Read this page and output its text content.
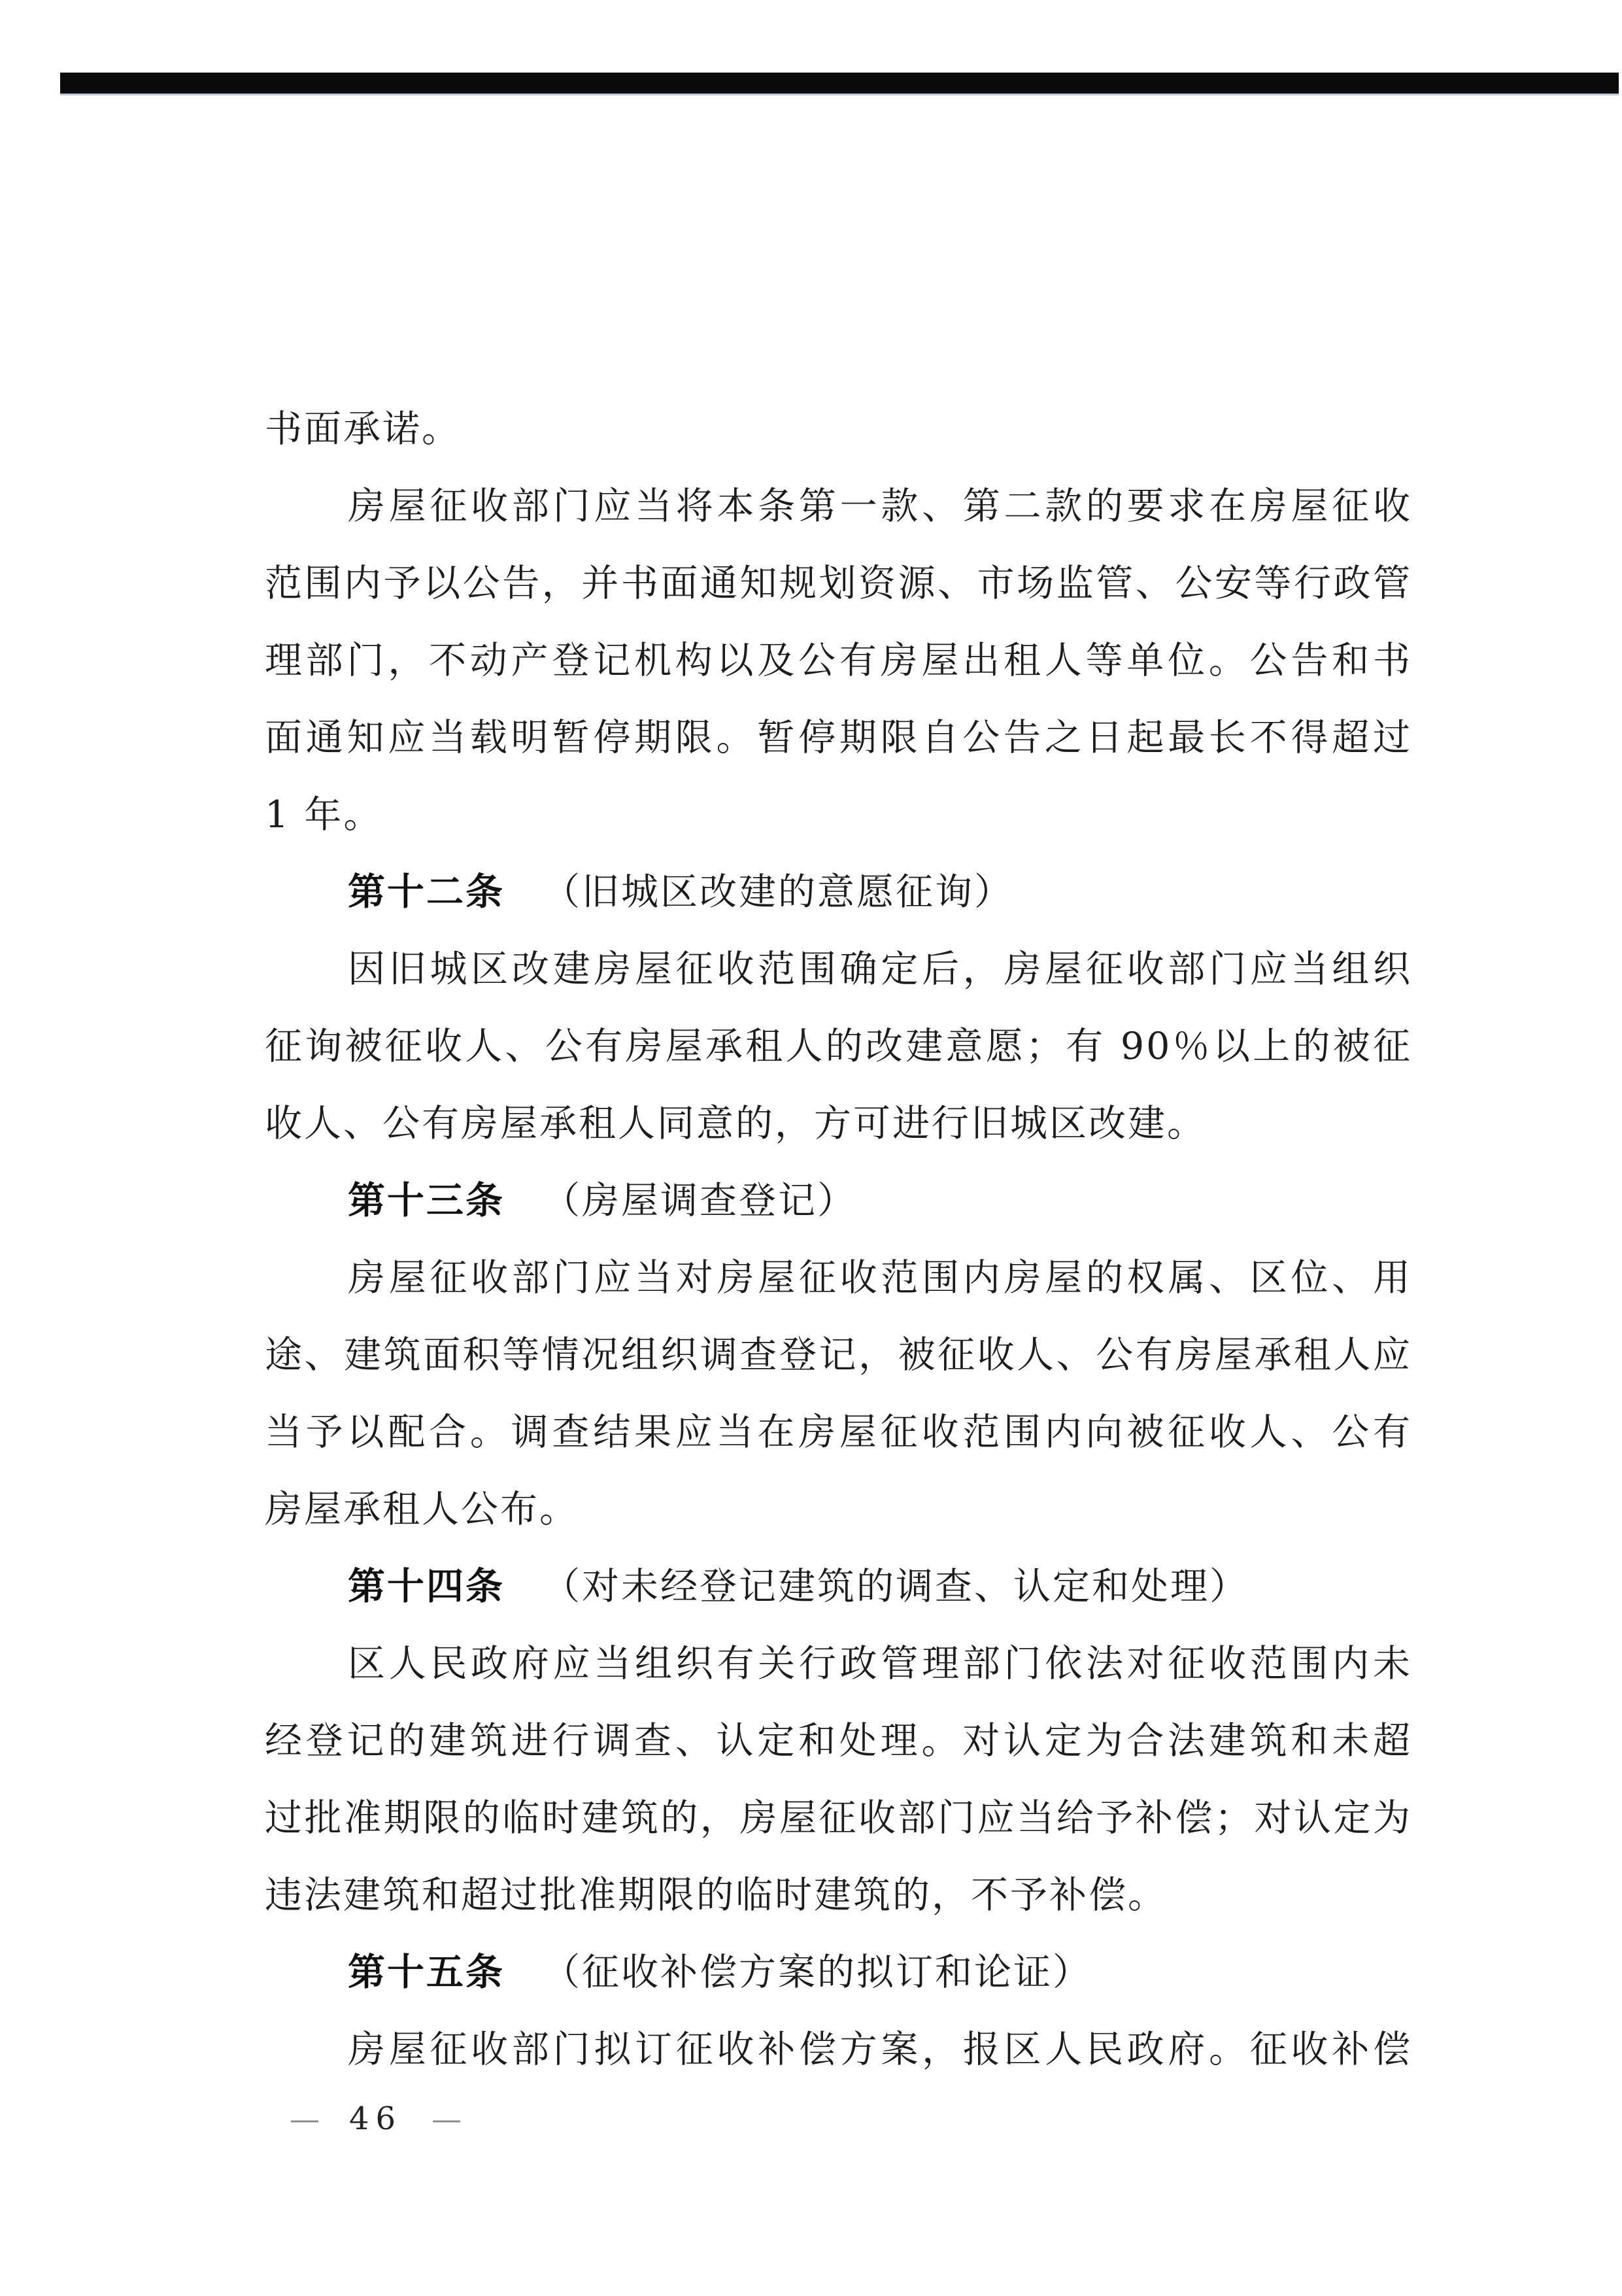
书面承诺。
房屋征收部门应当将本条第一款、第二款的要求在房屋征收
范围内予以公告，并书面通知规划资源、市场监管、公安等行政管
理部门，不动产登记机构以及公有房屋出租人等单位。公告和书
面通知应当载明暂停期限。暂停期限自公告之日起最长不得超过
1 年。
第十二条 （旧城区改建的意愿征询）
因旧城区改建房屋征收范围确定后，房屋征收部门应当组织
征询被征收人、公有房屋承租人的改建意愿；有 90％以上的被征
收人、公有房屋承租人同意的，方可进行旧城区改建。
第十三条 （房屋调查登记）
房屋征收部门应当对房屋征收范围内房屋的权属、区位、用
途、建筑面积等情况组织调查登记，被征收人、公有房屋承租人应
当予以配合。调查结果应当在房屋征收范围内向被征收人、公有
房屋承租人公布。
第十四条 （对未经登记建筑的调查、认定和处理）
区人民政府应当组织有关行政管理部门依法对征收范围内未
经登记的建筑进行调查、认定和处理。对认定为合法建筑和未超
过批准期限的临时建筑的，房屋征收部门应当给予补偿；对认定为
违法建筑和超过批准期限的临时建筑的，不予补偿。
第十五条 （征收补偿方案的拟订和论证）
房屋征收部门拟订征收补偿方案，报区人民政府。征收补偿
— 46 —
